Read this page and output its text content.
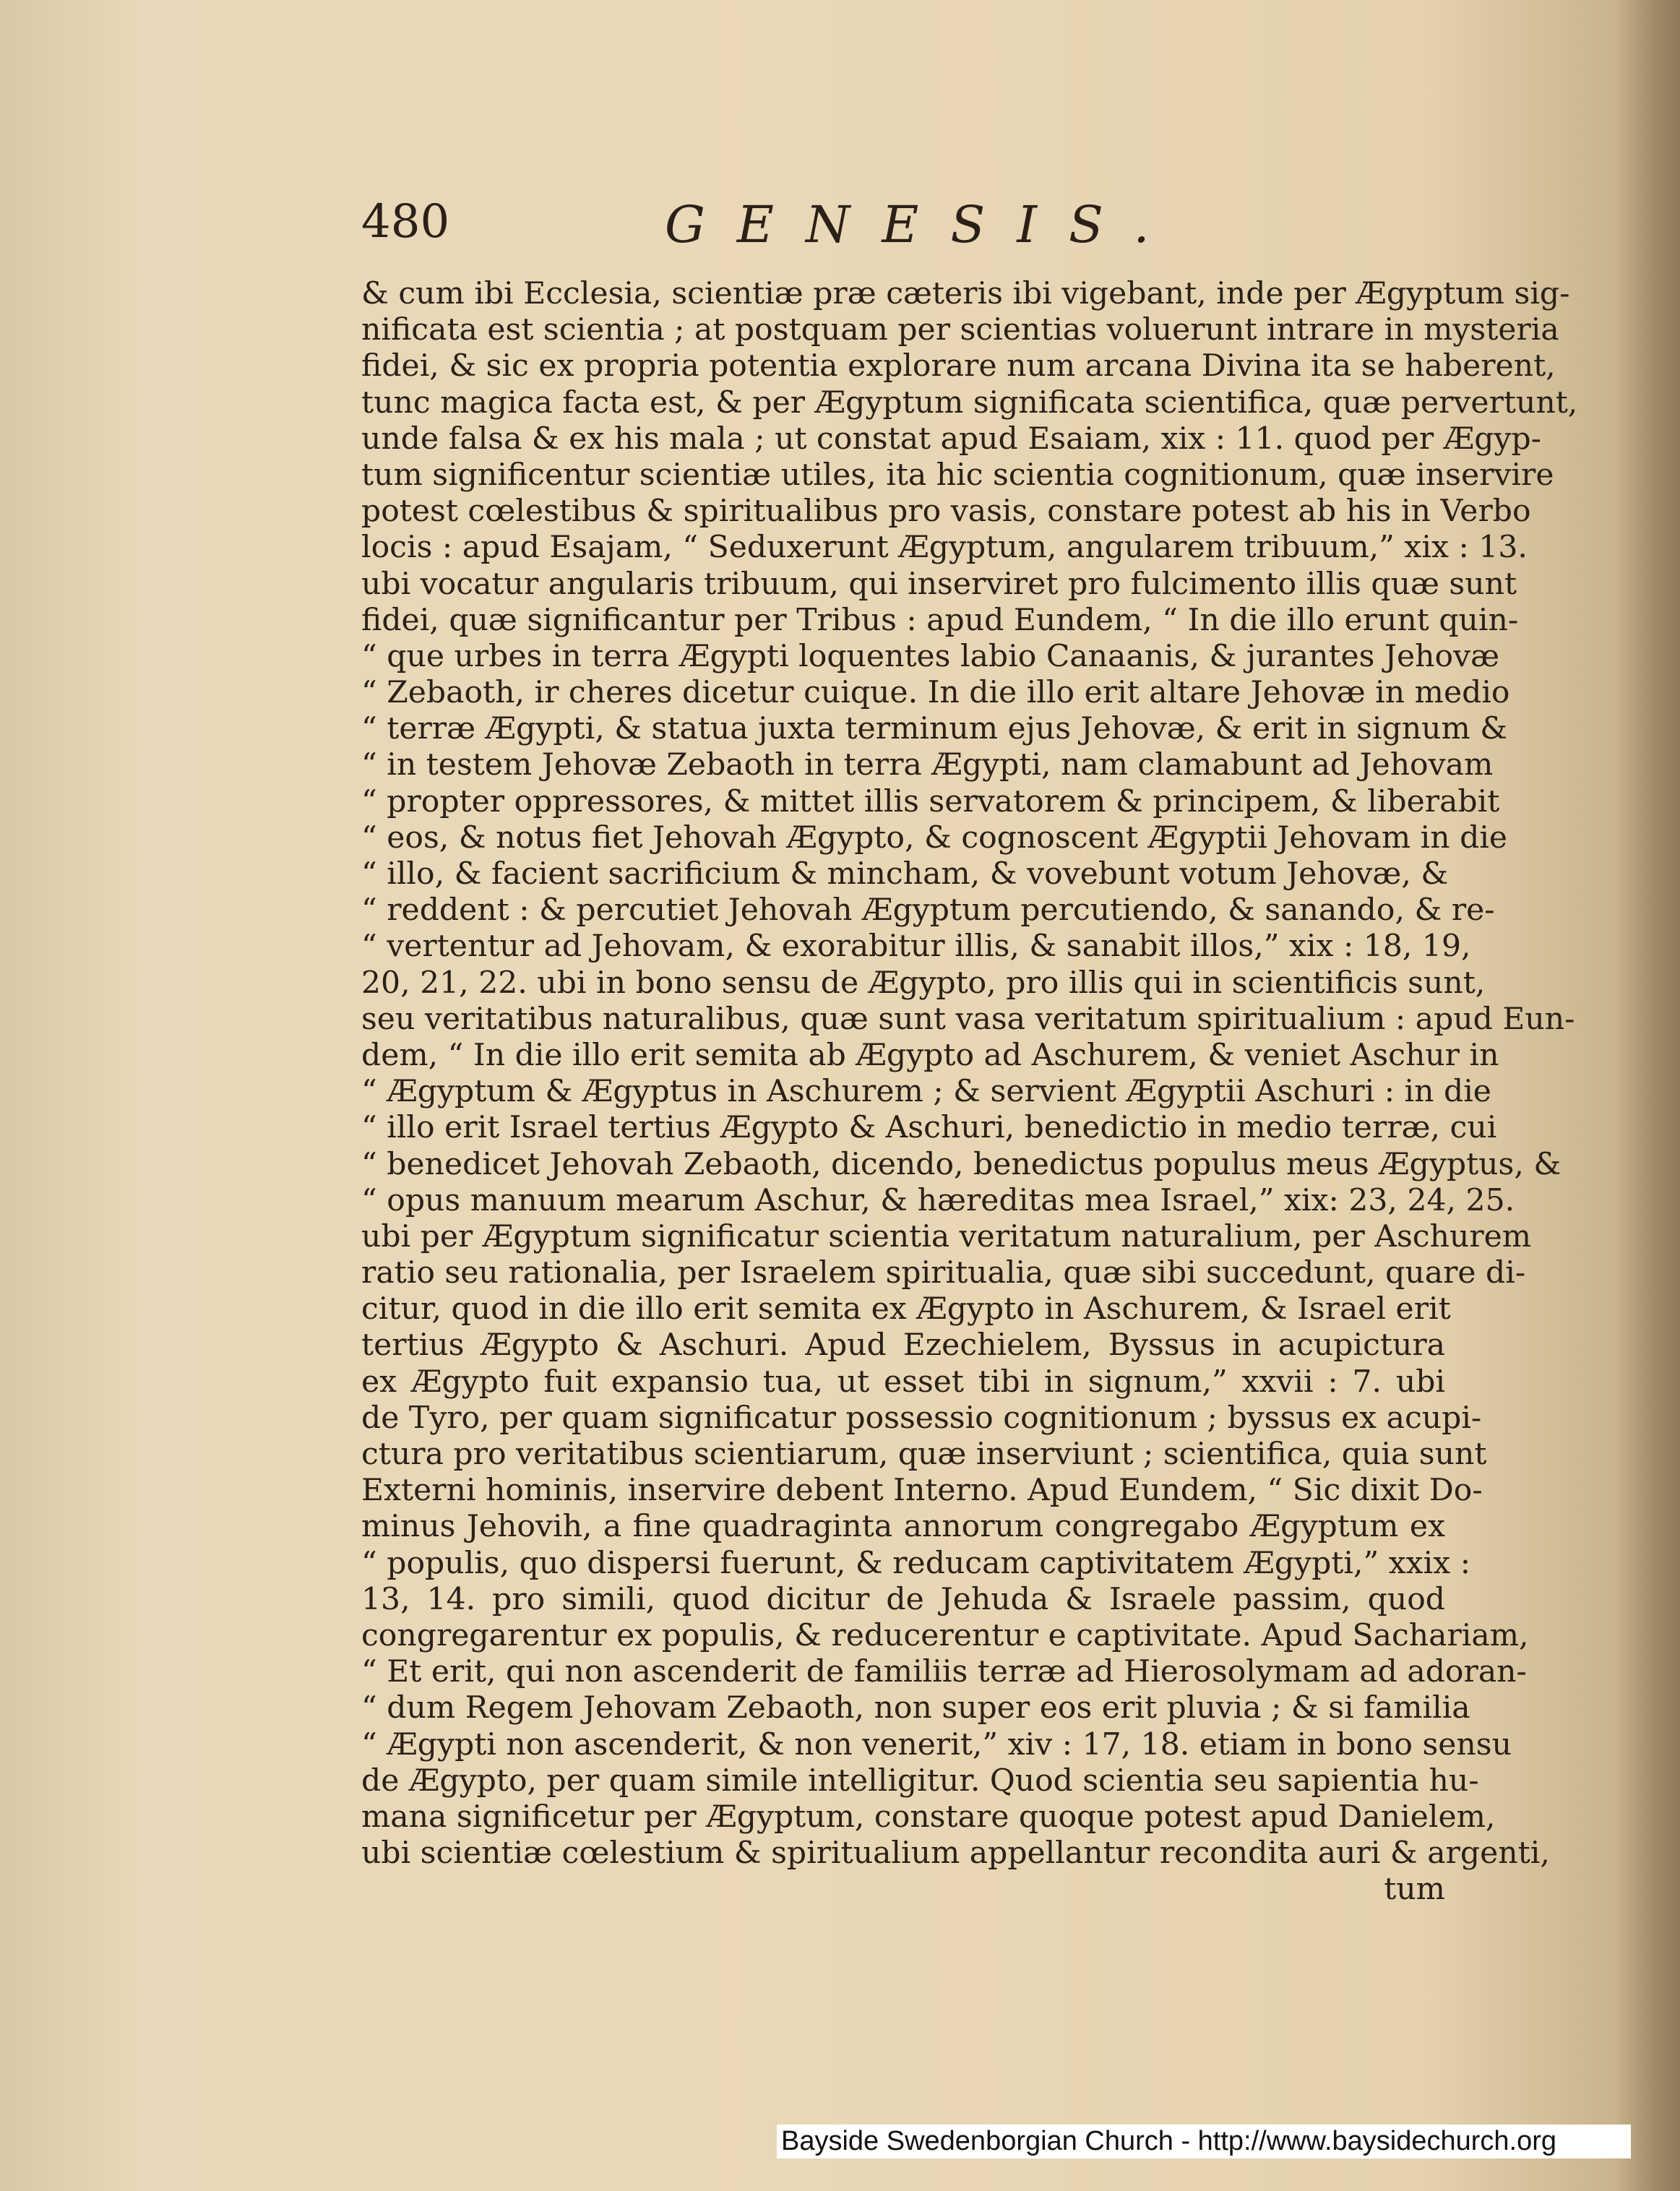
480	GENESIS.
& cum ibi Ecclesia, scientiæ præ cæteris ibi vigebant, inde per Ægyptum sig-
nificata est scientia ; at postquam per scientias voluerunt intrare in mysteria
fidei, & sic ex propria potentia explorare num arcana Divina ita se haberent,
tunc magica facta est, & per Ægyptum significata scientifica, quæ pervertunt,
unde falsa & ex his mala ; ut constat apud Esaiam, xix : 11. quod per Ægyp-
tum significentur scientiæ utiles, ita hic scientia cognitionum, quæ inservire
potest cœlestibus & spiritualibus pro vasis, constare potest ab his in Verbo
locis : apud Esajam, “ Seduxerunt Ægyptum, angularem tribuum,” xix : 13.
ubi vocatur angularis tribuum, qui inserviret pro fulcimento illis quæ sunt
fidei, quæ significantur per Tribus : apud Eundem, “ In die illo erunt quin-
“ que urbes in terra Ægypti loquentes labio Canaanis, & jurantes Jehovæ
“ Zebaoth, ir cheres dicetur cuique. In die illo erit altare Jehovæ in medio
“ terræ Ægypti, & statua juxta terminum ejus Jehovæ, & erit in signum &
“ in testem Jehovæ Zebaoth in terra Ægypti, nam clamabunt ad Jehovam
“ propter oppressores, & mittet illis servatorem & principem, & liberabit
“ eos, & notus fiet Jehovah Ægypto, & cognoscent Ægyptii Jehovam in die
“ illo, & facient sacrificium & mincham, & vovebunt votum Jehovæ, &
“ reddent : & percutiet Jehovah Ægyptum percutiendo, & sanando, & re-
“ vertentur ad Jehovam, & exorabitur illis, & sanabit illos,” xix : 18, 19,
20, 21, 22. ubi in bono sensu de Ægypto, pro illis qui in scientificis sunt,
seu veritatibus naturalibus, quæ sunt vasa veritatum spiritualium : apud Eun-
dem, “ In die illo erit semita ab Ægypto ad Aschurem, & veniet Aschur in
“ Ægyptum & Ægyptus in Aschurem ; & servient Ægyptii Aschuri : in die
“ illo erit Israel tertius Ægypto & Aschuri, benedictio in medio terræ, cui
“ benedicet Jehovah Zebaoth, dicendo, benedictus populus meus Ægyptus, &
“ opus manuum mearum Aschur, & hæreditas mea Israel,” xix: 23, 24, 25.
ubi per Ægyptum significatur scientia veritatum naturalium, per Aschurem
ratio seu rationalia, per Israelem spiritualia, quæ sibi succedunt, quare di-
citur, quod in die illo erit semita ex Ægypto in Aschurem, & Israel erit
tertius Ægypto & Aschuri. Apud Ezechielem, Byssus in acupictura
ex Ægypto fuit expansio tua, ut esset tibi in signum,” xxvii : 7. ubi
de Tyro, per quam significatur possessio cognitionum ; byssus ex acupi-
ctura pro veritatibus scientiarum, quæ inserviunt ; scientifica, quia sunt
Externi hominis, inservire debent Interno. Apud Eundem, “ Sic dixit Do-
minus Jehovih, a fine quadraginta annorum congregabo Ægyptum ex
“ populis, quo dispersi fuerunt, & reducam captivitatem Ægypti,” xxix :
13, 14. pro simili, quod dicitur de Jehuda & Israele passim, quod
congregarentur ex populis, & reducerentur e captivitate. Apud Sachariam,
“ Et erit, qui non ascenderit de familiis terræ ad Hierosolymam ad adoran-
“ dum Regem Jehovam Zebaoth, non super eos erit pluvia ; & si familia
“ Ægypti non ascenderit, & non venerit,” xiv : 17, 18. etiam in bono sensu
de Ægypto, per quam simile intelligitur. Quod scientia seu sapientia hu-
mana significetur per Ægyptum, constare quoque potest apud Danielem,
ubi scientiæ cœlestium & spiritualium appellantur recondita auri & argenti,
tum
Bayside Swedenborgian Church - http://www.baysidechurch.org
